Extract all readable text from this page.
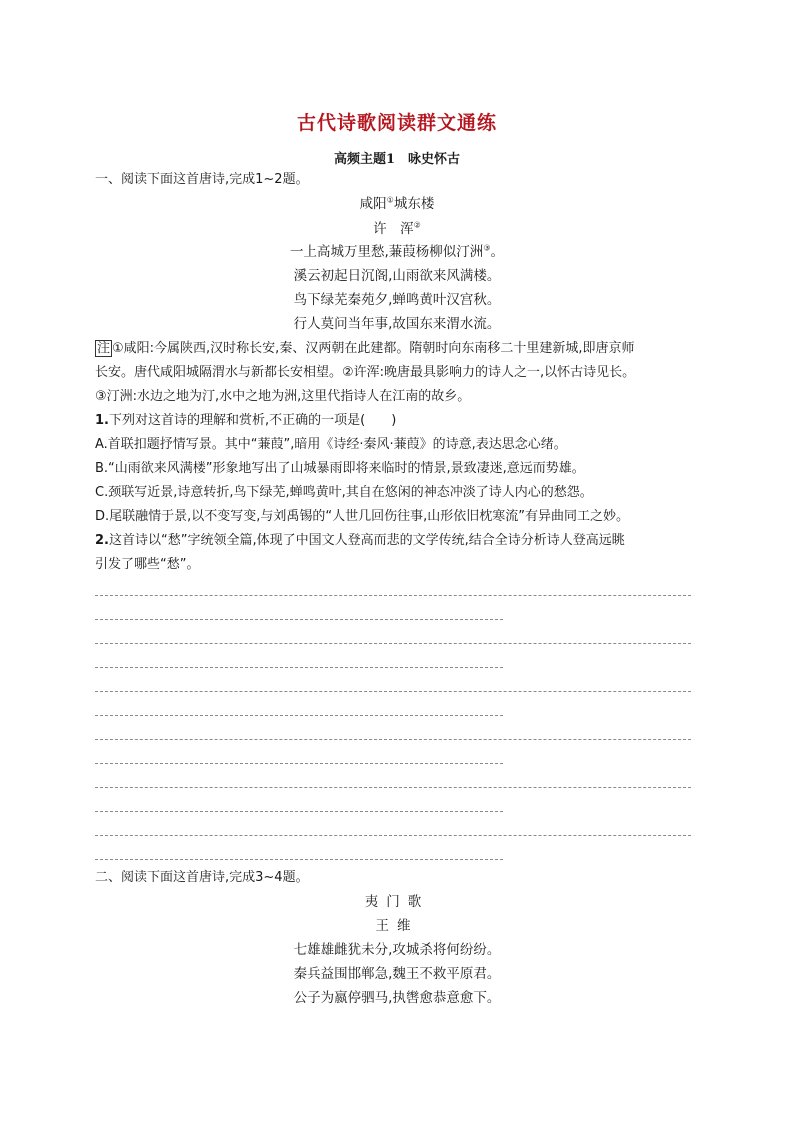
古代诗歌阅读群文通练
高频主题1　咏史怀古
一、阅读下面这首唐诗,完成1~2题。
咸阳①城东楼
许　浑②
一上高城万里愁,蒹葭杨柳似汀洲③。
溪云初起日沉阁,山雨欲来风满楼。
鸟下绿芜秦苑夕,蝉鸣黄叶汉宫秋。
行人莫问当年事,故国东来渭水流。
注 ①咸阳:今属陕西,汉时称长安,秦、汉两朝在此建都。隋朝时向东南移二十里建新城,即唐京师
长安。唐代咸阳城隔渭水与新都长安相望。②许浑:晚唐最具影响力的诗人之一,以怀古诗见长。
③汀洲:水边之地为汀,水中之地为洲,这里代指诗人在江南的故乡。
1.下列对这首诗的理解和赏析,不正确的一项是(　　)
A.首联扣题抒情写景。其中“蒹葭”,暗用《诗经·秦风·蒹葭》的诗意,表达思念心绪。
B.“山雨欲来风满楼”形象地写出了山城暴雨即将来临时的情景,景致凄迷,意远而势雄。
C.颈联写近景,诗意转折,鸟下绿芜,蝉鸣黄叶,其自在悠闲的神态冲淡了诗人内心的愁怨。
D.尾联融情于景,以不变写变,与刘禹锡的“人世几回伤往事,山形依旧枕寒流”有异曲同工之妙。
2.这首诗以“愁”字统领全篇,体现了中国文人登高而悲的文学传统,结合全诗分析诗人登高远眺
引发了哪些“愁”。
二、阅读下面这首唐诗,完成3~4题。
夷门歌
王维
七雄雄雌犹未分,攻城杀将何纷纷。
秦兵益围邯郸急,魏王不救平原君。
公子为嬴停驷马,执辔愈恭意愈下。
